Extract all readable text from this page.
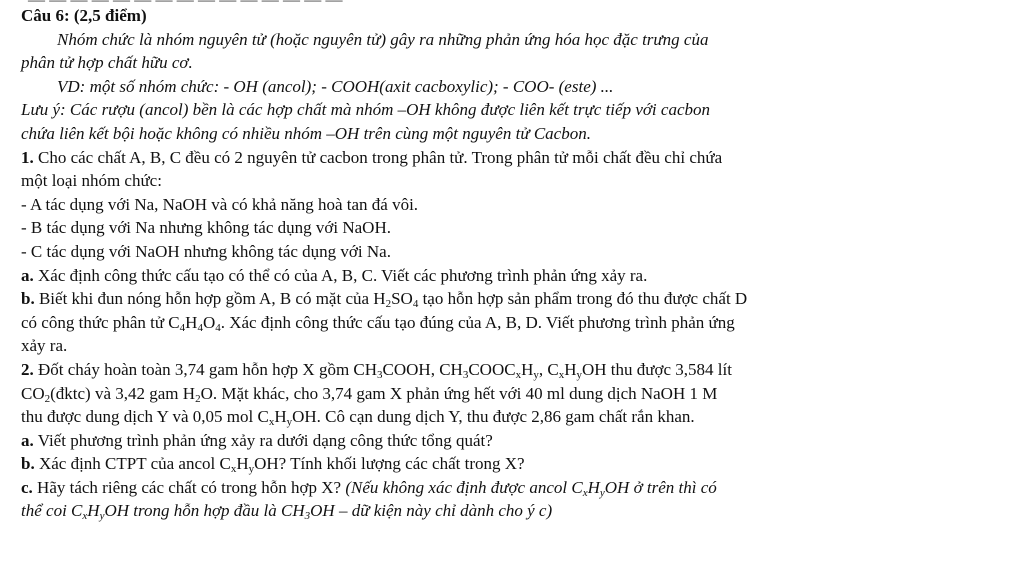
Câu 6: (2,5 điểm)
Nhóm chức là nhóm nguyên tử (hoặc nguyên tử) gây ra những phản ứng hóa học đặc trưng của
phân tử hợp chất hữu cơ.
VD: một số nhóm chức: - OH (ancol); - COOH(axit cacboxylic); - COO- (este) ...
Lưu ý: Các rượu (ancol) bền là các hợp chất mà nhóm –OH không được liên kết trực tiếp với cacbon
chứa liên kết bội hoặc không có nhiều nhóm –OH trên cùng một nguyên tử Cacbon.
1. Cho các chất A, B, C đều có 2 nguyên tử cacbon trong phân tử. Trong phân tử mỗi chất đều chỉ chứa
một loại nhóm chức:
- A tác dụng với Na, NaOH và có khả năng hoà tan đá vôi.
- B tác dụng với Na nhưng không tác dụng với NaOH.
- C tác dụng với NaOH nhưng không tác dụng với Na.
a. Xác định công thức cấu tạo có thể có của A, B, C. Viết các phương trình phản ứng xảy ra.
b. Biết khi đun nóng hỗn hợp gồm A, B có mặt của $H_2SO_4$ tạo hỗn hợp sản phẩm trong đó thu được chất D
có công thức phân tử $C_4H_4O_4$. Xác định công thức cấu tạo đúng của A, B, D. Viết phương trình phản ứng
xảy ra.
2. Đốt cháy hoàn toàn 3,74 gam hỗn hợp X gồm $CH_3COOH$, $CH_3COOC_xH_y$, $C_xH_yOH$ thu được 3,584 lít
$CO_2(đktc)$ và 3,42 gam $H_2O$. Mặt khác, cho 3,74 gam X phản ứng hết với 40 ml dung dịch NaOH 1 M
thu được dung dịch Y và 0,05 mol $C_xH_yOH$. Cô cạn dung dịch Y, thu được 2,86 gam chất rắn khan.
a. Viết phương trình phản ứng xảy ra dưới dạng công thức tổng quát?
b. Xác định CTPT của ancol $C_xH_yOH$? Tính khối lượng các chất trong X?
c. Hãy tách riêng các chất có trong hỗn hợp X? (Nếu không xác định được ancol $C_xH_yOH$ ở trên thì có
thể coi $C_xH_yOH$ trong hỗn hợp đầu là $CH_3OH$ – dữ kiện này chỉ dành cho ý c)
